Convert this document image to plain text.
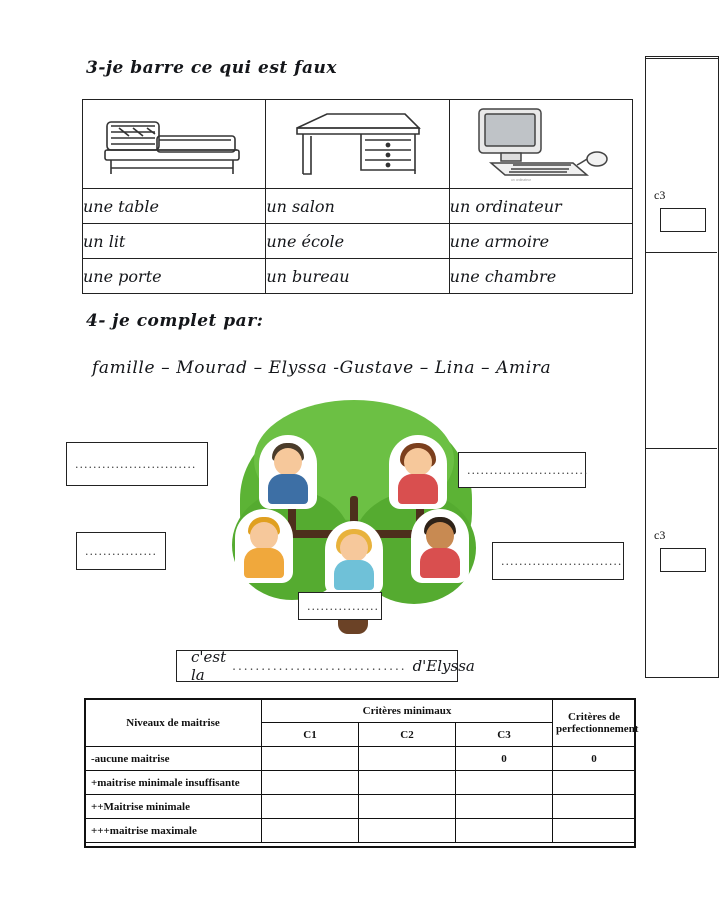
3-je barre ce qui est faux

un ordinateur

une table	un salon	un ordinateur
un lit	une école	une armoire
une porte	un bureau	une chambre
4- je complet par:
famille – Mourad – Elyssa -Gustave – Lina – Amira
...........................	...........................
................
...........................
................
c'est la	.............................. d'Elyssa
c3
c3
Niveaux de maitrise	Critères minimaux			Critères de perfectionnement
	C1	C2	C3	
-aucune maitrise			0	0
+maitrise minimale insuffisante				
++Maitrise minimale				
+++maitrise maximale				
